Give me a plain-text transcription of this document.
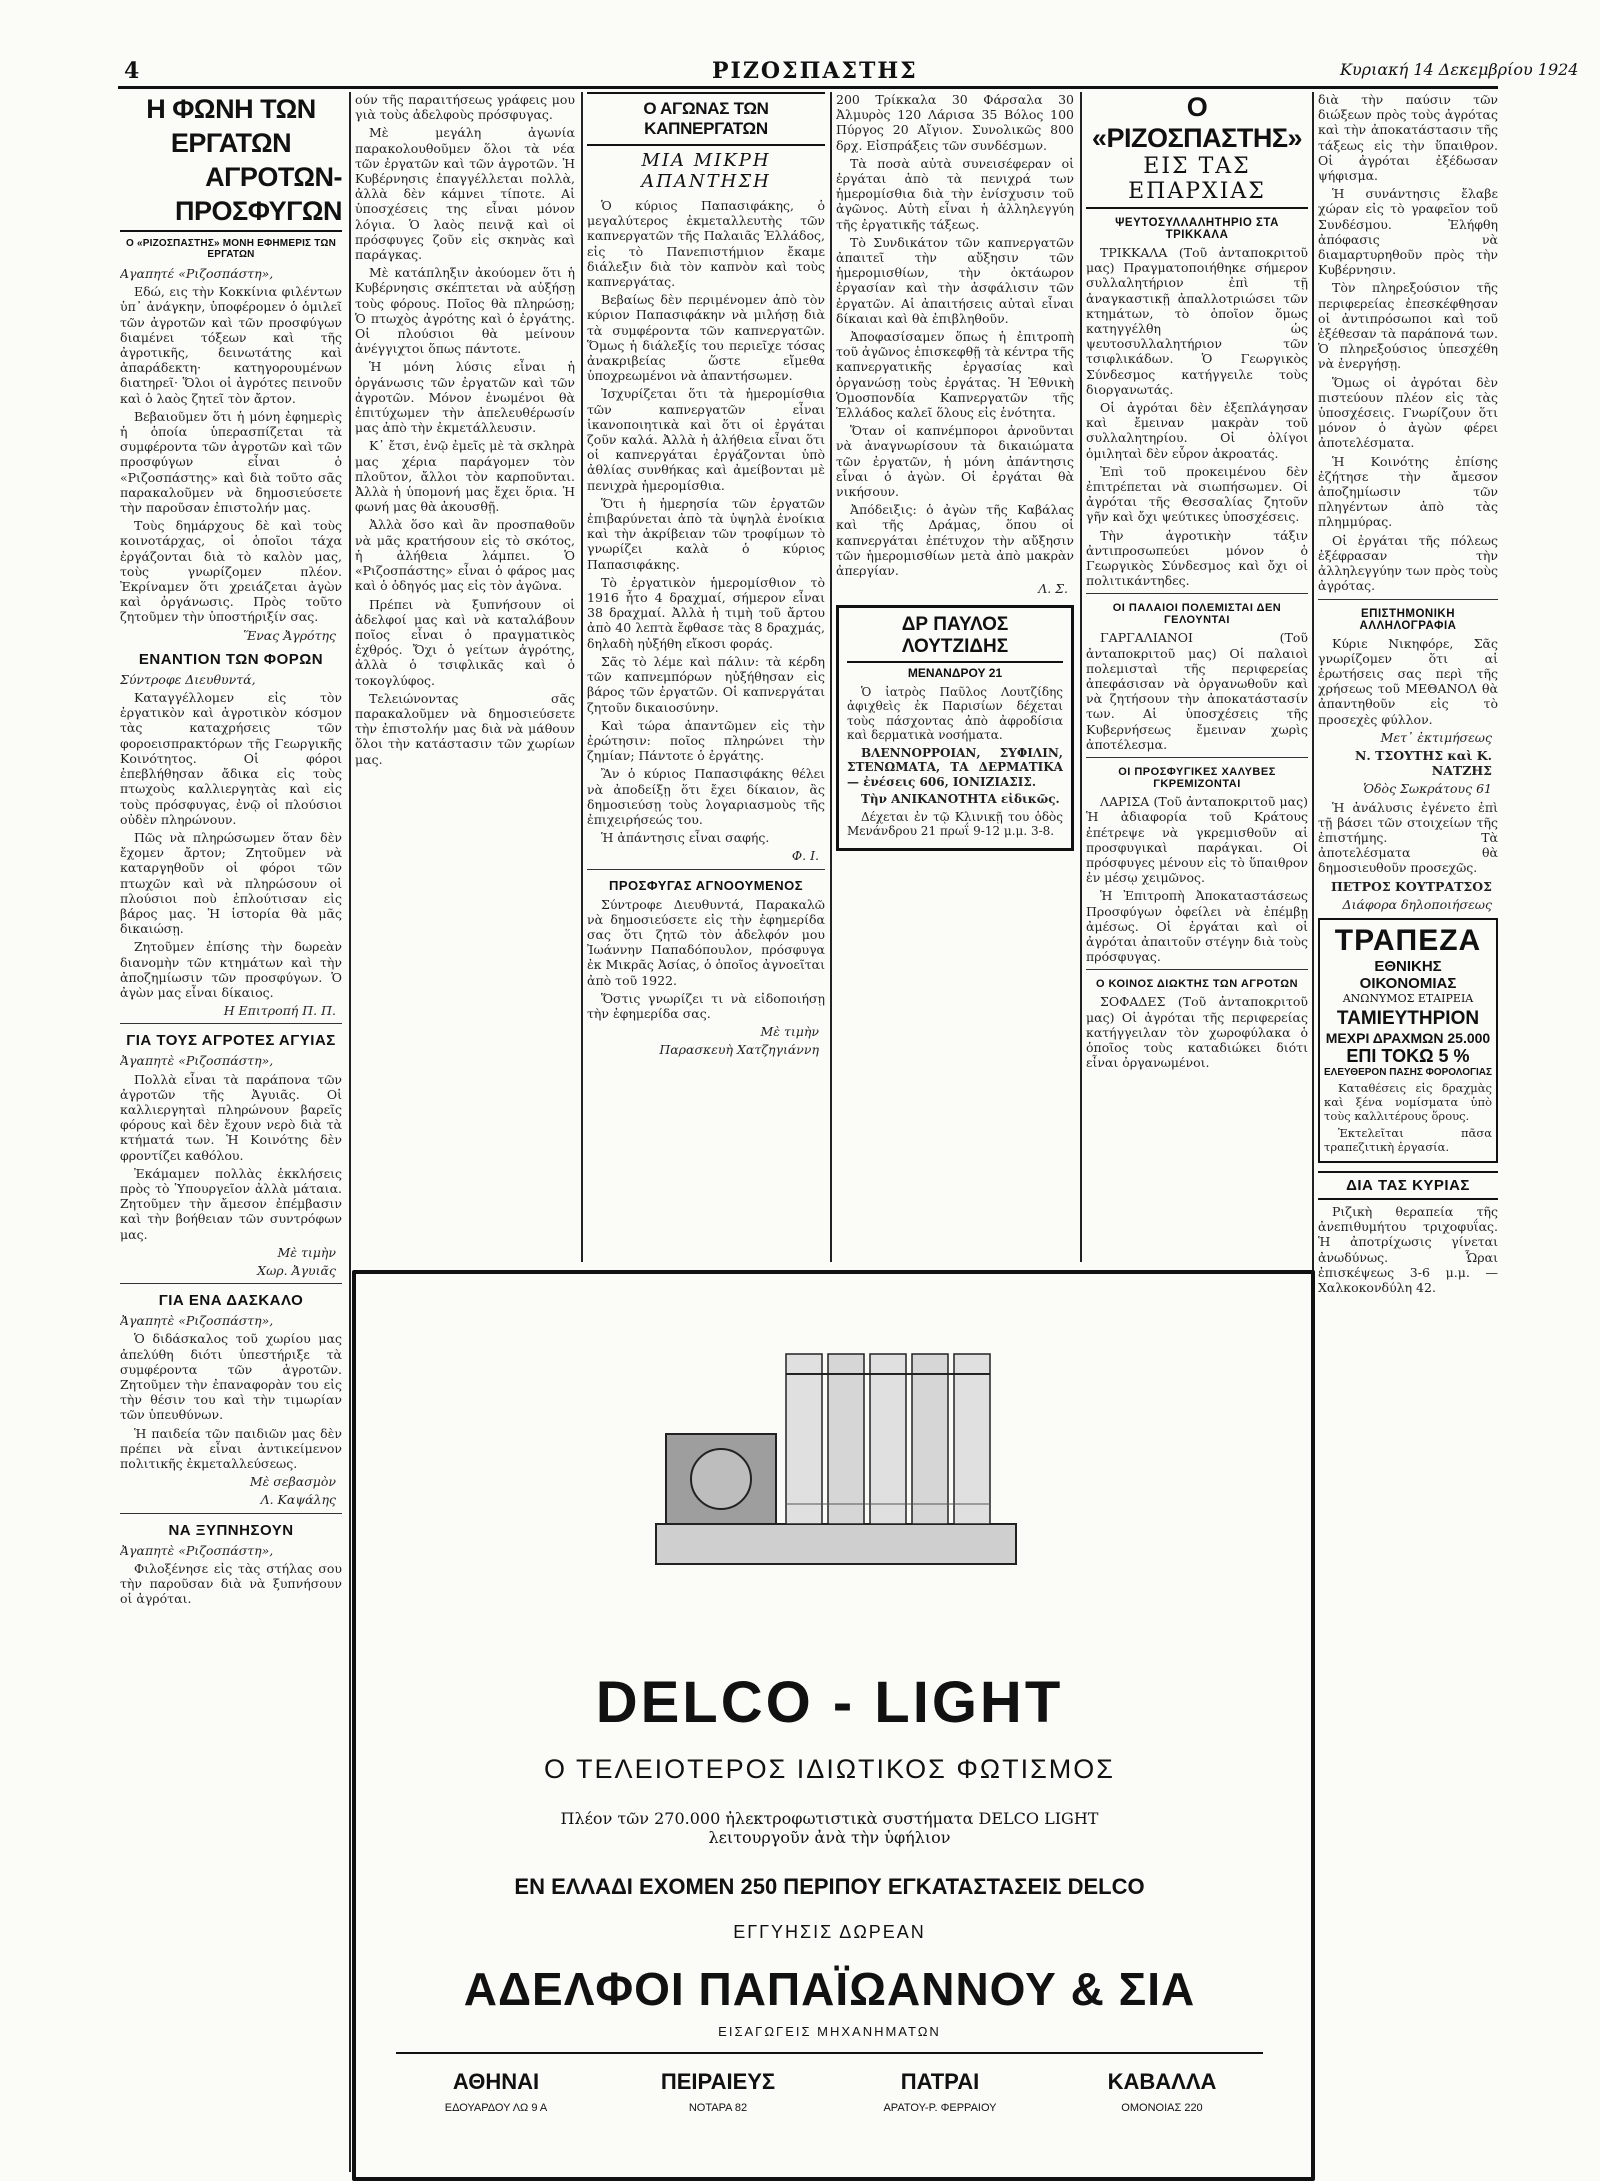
4	ΡΙΖΟΣΠΑΣΤΗΣ	Κυριακή 14 Δεκεμβρίου 1924
Η ΦΩΝΗ ΤΩΝ ΕΡΓΑΤΩΝ
ΑΓΡΟΤΩΝ-ΠΡΟΣΦΥΓΩΝ
Ο «ΡΙΖΟΣΠΑΣΤΗΣ» ΜΟΝΗ ΕΦΗΜΕΡΙΣ ΤΩΝ ΕΡΓΑΤΩΝ

Αγαπητέ «Ριζοσπάστη»,

Εδώ, εις τὴν Κοκκίνια φιλέντων ὑπ᾿ ἀνάγκην, ὑποφέρομεν ὁ ὁμιλεῖ τῶν ἀγροτῶν καὶ τῶν προσφύγων διαμένει τόξεων καὶ τῆς ἀγροτικῆς, δεινωτάτης καὶ ἀπαράδεκτη· κατηγορουμένων διατηρεῖ· Ὅλοι οἱ ἀγρότες πεινοῦν καὶ ὁ λαὸς ζητεῖ τὸν ἄρτον.

Βεβαιοῦμεν ὅτι ἡ μόνη ἐφημερὶς ἡ ὁποία ὑπερασπίζεται τὰ συμφέροντα τῶν ἀγροτῶν καὶ τῶν προσφύγων εἶναι ὁ «Ριζοσπάστης» καὶ διὰ τοῦτο σᾶς παρακαλοῦμεν νὰ δημοσιεύσετε τὴν παροῦσαν ἐπιστολήν μας.

Τοὺς δημάρχους δὲ καὶ τοὺς κοινοτάρχας, οἱ ὁποῖοι τάχα ἐργάζονται διὰ τὸ καλὸν μας, τοὺς γνωρίζομεν πλέον. Ἐκρίναμεν ὅτι χρειάζεται ἀγὼν καὶ ὀργάνωσις. Πρὸς τοῦτο ζητοῦμεν τὴν ὑποστήριξίν σας.

Ἕνας Ἀγρότης
ΕΝΑΝΤΙΟΝ ΤΩΝ ΦΟΡΩΝ

Σύντροφε Διευθυντά,

Καταγγέλλομεν εἰς τὸν ἐργατικὸν καὶ ἀγροτικὸν κόσμον τὰς καταχρήσεις τῶν φοροεισπρακτόρων τῆς Γεωργικῆς Κοινότητος. Οἱ φόροι ἐπεβλήθησαν ἄδικα εἰς τοὺς πτωχοὺς καλλιεργητὰς καὶ εἰς τοὺς πρόσφυγας, ἐνῷ οἱ πλούσιοι οὐδὲν πληρώνουν.

Πῶς νὰ πληρώσωμεν ὅταν δὲν ἔχομεν ἄρτον; Ζητοῦμεν νὰ καταργηθοῦν οἱ φόροι τῶν πτωχῶν καὶ νὰ πληρώσουν οἱ πλούσιοι ποὺ ἐπλούτισαν εἰς βάρος μας. Ἡ ἱστορία θὰ μᾶς δικαιώσῃ.

Ζητοῦμεν ἐπίσης τὴν δωρεὰν διανομὴν τῶν κτημάτων καὶ τὴν ἀποζημίωσιν τῶν προσφύγων. Ὁ ἀγὼν μας εἶναι δίκαιος.

Η Επιτροπή Π. Π.
ΓΙΑ ΤΟΥΣ ΑΓΡΟΤΕΣ ΑΓΥΙΑΣ

Ἀγαπητὲ «Ριζοσπάστη»,

Πολλὰ εἶναι τὰ παράπονα τῶν ἀγροτῶν τῆς Ἀγυιᾶς. Οἱ καλλιεργηταὶ πληρώνουν βαρεῖς φόρους καὶ δὲν ἔχουν νερὸ διὰ τὰ κτήματά των. Ἡ Κοινότης δὲν φροντίζει καθόλου.

Ἐκάμαμεν πολλὰς ἐκκλήσεις πρὸς τὸ Ὑπουργεῖον ἀλλὰ μάταια. Ζητοῦμεν τὴν ἄμεσον ἐπέμβασιν καὶ τὴν βοήθειαν τῶν συντρόφων μας.

Μὲ τιμὴν
Χωρ. Ἀγυιᾶς
ΓΙΑ ΕΝΑ ΔΑΣΚΑΛΟ

Ἀγαπητὲ «Ριζοσπάστη»,

Ὁ διδάσκαλος τοῦ χωρίου μας ἀπελύθη διότι ὑπεστήριξε τὰ συμφέροντα τῶν ἀγροτῶν. Ζητοῦμεν τὴν ἐπαναφορὰν του εἰς τὴν θέσιν του καὶ τὴν τιμωρίαν τῶν ὑπευθύνων.

Ἡ παιδεία τῶν παιδιῶν μας δὲν πρέπει νὰ εἶναι ἀντικείμενον πολιτικῆς ἐκμεταλλεύσεως.

Μὲ σεβασμὸν
Λ. Καψάλης
ΝΑ ΞΥΠΝΗΣΟΥΝ

Ἀγαπητὲ «Ριζοσπάστη»,

Φιλοξένησε εἰς τὰς στήλας σου τὴν παροῦσαν διὰ νὰ ξυπνήσουν οἱ ἀγρόται.

ούν τῆς παραιτήσεως γράφεις μου γιὰ τοὺς ἀδελφοὺς πρόσφυγας.

Μὲ μεγάλη ἀγωνία παρακολουθοῦμεν ὅλοι τὰ νέα τῶν ἐργατῶν καὶ τῶν ἀγροτῶν. Ἡ Κυβέρνησις ἐπαγγέλλεται πολλὰ, ἀλλὰ δὲν κάμνει τίποτε. Αἱ ὑποσχέσεις της εἶναι μόνον λόγια. Ὁ λαὸς πεινᾷ καὶ οἱ πρόσφυγες ζοῦν εἰς σκηνὰς καὶ παράγκας.

Μὲ κατάπληξιν ἀκούομεν ὅτι ἡ Κυβέρνησις σκέπτεται νὰ αὐξήσῃ τοὺς φόρους. Ποῖος θὰ πληρώσῃ; Ὁ πτωχὸς ἀγρότης καὶ ὁ ἐργάτης. Οἱ πλούσιοι θὰ μείνουν ἀνέγγιχτοι ὅπως πάντοτε.

Ἡ μόνη λύσις εἶναι ἡ ὀργάνωσις τῶν ἐργατῶν καὶ τῶν ἀγροτῶν. Μόνον ἑνωμένοι θὰ ἐπιτύχωμεν τὴν ἀπελευθέρωσίν μας ἀπὸ τὴν ἐκμετάλλευσιν.

Κ᾿ ἔτσι, ἐνῷ ἐμεῖς μὲ τὰ σκληρὰ μας χέρια παράγομεν τὸν πλοῦτον, ἄλλοι τὸν καρποῦνται. Ἀλλὰ ἡ ὑπομονή μας ἔχει ὅρια. Ἡ φωνή μας θὰ ἀκουσθῇ.

Ἀλλὰ ὅσο καὶ ἂν προσπαθοῦν νὰ μᾶς κρατήσουν εἰς τὸ σκότος, ἡ ἀλήθεια λάμπει. Ὁ «Ριζοσπάστης» εἶναι ὁ φάρος μας καὶ ὁ ὁδηγός μας εἰς τὸν ἀγῶνα.

Πρέπει νὰ ξυπνήσουν οἱ ἀδελφοί μας καὶ νὰ καταλάβουν ποῖος εἶναι ὁ πραγματικὸς ἐχθρός. Ὄχι ὁ γείτων ἀγρότης, ἀλλὰ ὁ τσιφλικᾶς καὶ ὁ τοκογλύφος.

Τελειώνοντας σᾶς παρακαλοῦμεν νὰ δημοσιεύσετε τὴν ἐπιστολήν μας διὰ νὰ μάθουν ὅλοι τὴν κατάστασιν τῶν χωρίων μας.

Ο ΑΓΩΝΑΣ ΤΩΝ ΚΑΠΝΕΡΓΑΤΩΝ
ΜΙΑ ΜΙΚΡΗ ΑΠΑΝΤΗΣΗ

Ὁ κύριος Παπασιφάκης, ὁ μεγαλύτερος ἐκμεταλλευτὴς τῶν καπνεργατῶν τῆς Παλαιᾶς Ἑλλάδος, εἰς τὸ Πανεπιστήμιον ἔκαμε διάλεξιν διὰ τὸν καπνὸν καὶ τοὺς καπνεργάτας.

Βεβαίως δὲν περιμένομεν ἀπὸ τὸν κύριον Παπασιφάκην νὰ μιλήσῃ διὰ τὰ συμφέροντα τῶν καπνεργατῶν. Ὅμως ἡ διάλεξίς του περιεῖχε τόσας ἀνακριβείας ὥστε εἴμεθα ὑποχρεωμένοι νὰ ἀπαντήσωμεν.

Ἰσχυρίζεται ὅτι τὰ ἡμερομίσθια τῶν καπνεργατῶν εἶναι ἱκανοποιητικὰ καὶ ὅτι οἱ ἐργάται ζοῦν καλά. Ἀλλὰ ἡ ἀλήθεια εἶναι ὅτι οἱ καπνεργάται ἐργάζονται ὑπὸ ἀθλίας συνθήκας καὶ ἀμείβονται μὲ πενιχρὰ ἡμερομίσθια.

Ὅτι ἡ ἡμερησία τῶν ἐργατῶν ἐπιβαρύνεται ἀπὸ τὰ ὑψηλὰ ἐνοίκια καὶ τὴν ἀκρίβειαν τῶν τροφίμων τὸ γνωρίζει καλὰ ὁ κύριος Παπασιφάκης.

Τὸ ἐργατικὸν ἡμερομίσθιον τὸ 1916 ἦτο 4 δραχμαί, σήμερον εἶναι 38 δραχμαί. Ἀλλὰ ἡ τιμὴ τοῦ ἄρτου ἀπὸ 40 λεπτὰ ἔφθασε τὰς 8 δραχμάς, δηλαδὴ ηὐξήθη εἴκοσι φοράς.

Σᾶς τὸ λέμε καὶ πάλιν: τὰ κέρδη τῶν καπνεμπόρων ηὐξήθησαν εἰς βάρος τῶν ἐργατῶν. Οἱ καπνεργάται ζητοῦν δικαιοσύνην.

Καὶ τώρα ἀπαντῶμεν εἰς τὴν ἐρώτησιν: ποῖος πληρώνει τὴν ζημίαν; Πάντοτε ὁ ἐργάτης.

Ἂν ὁ κύριος Παπασιφάκης θέλει νὰ ἀποδείξῃ ὅτι ἔχει δίκαιον, ἂς δημοσιεύσῃ τοὺς λογαριασμοὺς τῆς ἐπιχειρήσεώς του.

Ἡ ἀπάντησις εἶναι σαφής.

Φ. Ι.
ΠΡΟΣΦΥΓΑΣ ΑΓΝΟΟΥΜΕΝΟΣ

Σύντροφε Διευθυντά, Παρακαλῶ νὰ δημοσιεύσετε εἰς τὴν ἐφημερίδα σας ὅτι ζητῶ τὸν ἀδελφόν μου Ἰωάννην Παπαδόπουλον, πρόσφυγα ἐκ Μικρᾶς Ἀσίας, ὁ ὁποῖος ἀγνοεῖται ἀπὸ τοῦ 1922.

Ὅστις γνωρίζει τι νὰ εἰδοποιήσῃ τὴν ἐφημερίδα σας.

Μὲ τιμὴν
Παρασκευὴ Χατζηγιάννη

200 Τρίκκαλα 30 Φάρσαλα 30 Ἀλμυρὸς 120 Λάρισα 35 Βόλος 100 Πύργος 20 Αἴγιον. Συνολικῶς 800 δρχ. Εἰσπράξεις τῶν συνδέσμων.

Τὰ ποσὰ αὐτὰ συνεισέφεραν οἱ ἐργάται ἀπὸ τὰ πενιχρά των ἡμερομίσθια διὰ τὴν ἐνίσχυσιν τοῦ ἀγῶνος. Αὐτὴ εἶναι ἡ ἀλληλεγγύη τῆς ἐργατικῆς τάξεως.

Τὸ Συνδικάτον τῶν καπνεργατῶν ἀπαιτεῖ τὴν αὔξησιν τῶν ἡμερομισθίων, τὴν ὀκτάωρον ἐργασίαν καὶ τὴν ἀσφάλισιν τῶν ἐργατῶν. Αἱ ἀπαιτήσεις αὐταὶ εἶναι δίκαιαι καὶ θὰ ἐπιβληθοῦν.

Ἀποφασίσαμεν ὅπως ἡ ἐπιτροπὴ τοῦ ἀγῶνος ἐπισκεφθῇ τὰ κέντρα τῆς καπνεργατικῆς ἐργασίας καὶ ὀργανώσῃ τοὺς ἐργάτας. Ἡ Ἐθνικὴ Ὁμοσπονδία Καπνεργατῶν τῆς Ἑλλάδος καλεῖ ὅλους εἰς ἑνότητα.

Ὅταν οἱ καπνέμποροι ἀρνοῦνται νὰ ἀναγνωρίσουν τὰ δικαιώματα τῶν ἐργατῶν, ἡ μόνη ἀπάντησις εἶναι ὁ ἀγὼν. Οἱ ἐργάται θὰ νικήσουν.

Ἀπόδειξις: ὁ ἀγὼν τῆς Καβάλας καὶ τῆς Δράμας, ὅπου οἱ καπνεργάται ἐπέτυχον τὴν αὔξησιν τῶν ἡμερομισθίων μετὰ ἀπὸ μακρὰν ἀπεργίαν.

Λ. Σ.
ΔΡ ΠΑΥΛΟΣ ΛΟΥΤΖΙΔΗΣ
ΜΕΝΑΝΔΡΟΥ 21

Ὁ ἰατρὸς Παῦλος Λουτζίδης ἀφιχθεὶς ἐκ Παρισίων δέχεται τοὺς πάσχοντας ἀπὸ ἀφροδίσια καὶ δερματικὰ νοσήματα.

ΒΛΕΝΝΟΡΡΟΙΑΝ, ΣΥΦΙΛΙΝ, ΣΤΕΝΩΜΑΤΑ, ΤΑ ΔΕΡΜΑΤΙΚΑ — ἐνέσεις 606, ΙΟΝΙΖΙΑΣΙΣ.

Τὴν ΑΝΙΚΑΝΟΤΗΤΑ εἰδικῶς.

Δέχεται ἐν τῷ Κλινικῇ του ὁδὸς Μενάνδρου 21 πρωΐ 9-12 μ.μ. 3-8.

Ο «ΡΙΖΟΣΠΑΣΤΗΣ»
ΕΙΣ ΤΑΣ ΕΠΑΡΧΙΑΣ
ΨΕΥΤΟΣΥΛΛΑΛΗΤΗΡΙΟ ΣΤΑ ΤΡΙΚΚΑΛΑ

ΤΡΙΚΚΑΛΑ (Τοῦ ἀνταποκριτοῦ μας) Πραγματοποιήθηκε σήμερον συλλαλητήριον ἐπὶ τῇ ἀναγκαστικῇ ἀπαλλοτριώσει τῶν κτημάτων, τὸ ὁποῖον ὅμως κατηγγέλθη ὡς ψευτοσυλλαλητήριον τῶν τσιφλικάδων. Ὁ Γεωργικὸς Σύνδεσμος κατήγγειλε τοὺς διοργανωτάς.

Οἱ ἀγρόται δὲν ἐξεπλάγησαν καὶ ἔμειναν μακρὰν τοῦ συλλαλητηρίου. Οἱ ὀλίγοι ὁμιληταὶ δὲν εὗρον ἀκροατάς.

Ἐπὶ τοῦ προκειμένου δὲν ἐπιτρέπεται νὰ σιωπήσωμεν. Οἱ ἀγρόται τῆς Θεσσαλίας ζητοῦν γῆν καὶ ὄχι ψεύτικες ὑποσχέσεις.

Τὴν ἀγροτικὴν τάξιν ἀντιπροσωπεύει μόνον ὁ Γεωργικὸς Σύνδεσμος καὶ ὄχι οἱ πολιτικάντηδες.

ΟΙ ΠΑΛΑΙΟΙ ΠΟΛΕΜΙΣΤΑΙ ΔΕΝ ΓΕΛΟΥΝΤΑΙ

ΓΑΡΓΑΛΙΑΝΟΙ (Τοῦ ἀνταποκριτοῦ μας) Οἱ παλαιοὶ πολεμισταὶ τῆς περιφερείας ἀπεφάσισαν νὰ ὀργανωθοῦν καὶ νὰ ζητήσουν τὴν ἀποκατάστασίν των. Αἱ ὑποσχέσεις τῆς Κυβερνήσεως ἔμειναν χωρὶς ἀποτέλεσμα.

ΟΙ ΠΡΟΣΦΥΓΙΚΕΣ ΧΑΛΥΒΕΣ ΓΚΡΕΜΙΖΟΝΤΑΙ

ΛΑΡΙΣΑ (Τοῦ ἀνταποκριτοῦ μας) Ἡ ἀδιαφορία τοῦ Κράτους ἐπέτρεψε νὰ γκρεμισθοῦν αἱ προσφυγικαὶ παράγκαι. Οἱ πρόσφυγες μένουν εἰς τὸ ὕπαιθρον ἐν μέσῳ χειμῶνος.

Ἡ Ἐπιτροπὴ Ἀποκαταστάσεως Προσφύγων ὀφείλει νὰ ἐπέμβῃ ἀμέσως. Οἱ ἐργάται καὶ οἱ ἀγρόται ἀπαιτοῦν στέγην διὰ τοὺς πρόσφυγας.

Ο ΚΟΙΝΟΣ ΔΙΩΚΤΗΣ ΤΩΝ ΑΓΡΟΤΩΝ

ΣΟΦΑΔΕΣ (Τοῦ ἀνταποκριτοῦ μας) Οἱ ἀγρόται τῆς περιφερείας κατήγγειλαν τὸν χωροφύλακα ὁ ὁποῖος τοὺς καταδιώκει διότι εἶναι ὀργανωμένοι.

διὰ τὴν παύσιν τῶν διώξεων πρὸς τοὺς ἀγρότας καὶ τὴν ἀποκατάστασιν τῆς τάξεως εἰς τὴν ὕπαιθρον. Οἱ ἀγρόται ἐξέδωσαν ψήφισμα.

Ἡ συνάντησις ἔλαβε χώραν εἰς τὸ γραφεῖον τοῦ Συνδέσμου. Ἐλήφθη ἀπόφασις νὰ διαμαρτυρηθοῦν πρὸς τὴν Κυβέρνησιν.

Τὸν πληρεξούσιον τῆς περιφερείας ἐπεσκέφθησαν οἱ ἀντιπρόσωποι καὶ τοῦ ἐξέθεσαν τὰ παράπονά των. Ὁ πληρεξούσιος ὑπεσχέθη νὰ ἐνεργήσῃ.

Ὅμως οἱ ἀγρόται δὲν πιστεύουν πλέον εἰς τὰς ὑποσχέσεις. Γνωρίζουν ὅτι μόνον ὁ ἀγὼν φέρει ἀποτελέσματα.

Ἡ Κοινότης ἐπίσης ἐζήτησε τὴν ἄμεσον ἀποζημίωσιν τῶν πληγέντων ἀπὸ τὰς πλημμύρας.

Οἱ ἐργάται τῆς πόλεως ἐξέφρασαν τὴν ἀλληλεγγύην των πρὸς τοὺς ἀγρότας.

ΕΠΙΣΤΗΜΟΝΙΚΗ ΑΛΛΗΛΟΓΡΑΦΙΑ

Κύριε Νικηφόρε, Σᾶς γνωρίζομεν ὅτι αἱ ἐρωτήσεις σας περὶ τῆς χρήσεως τοῦ ΜΕΘΑΝΟΛ θὰ ἀπαντηθοῦν εἰς τὸ προσεχὲς φύλλον.

Μετ᾿ ἐκτιμήσεως
Ν. ΤΣΟΥΤΗΣ καὶ Κ. ΝΑΤΖΗΣ
Ὁδὸς Σωκράτους 61

Ἡ ἀνάλυσις ἐγένετο ἐπὶ τῇ βάσει τῶν στοιχείων τῆς ἐπιστήμης. Τὰ ἀποτελέσματα θὰ δημοσιευθοῦν προσεχῶς.

ΠΕΤΡΟΣ ΚΟΥΤΡΑΤΣΟΣ
Διάφορα δηλοποιήσεως
ΤΡΑΠΕΖΑ
ΕΘΝΙΚΗΣ ΟΙΚΟΝΟΜΙΑΣ
ΑΝΩΝΥΜΟΣ ΕΤΑΙΡΕΙΑ
ΤΑΜΙΕΥΤΗΡΙΟΝ
ΜΕΧΡΙ ΔΡΑΧΜΩΝ 25.000
ΕΠΙ ΤΟΚΩ 5 %
ΕΛΕΥΘΕΡΟΝ ΠΑΣΗΣ ΦΟΡΟΛΟΓΙΑΣ

Καταθέσεις εἰς δραχμὰς καὶ ξένα νομίσματα ὑπὸ τοὺς καλλιτέρους ὅρους.

Ἐκτελεῖται πᾶσα τραπεζιτικὴ ἐργασία.

ΔΙΑ ΤΑΣ ΚΥΡΙΑΣ

Ριζικὴ θεραπεία τῆς ἀνεπιθυμήτου τριχοφυΐας. Ἡ ἀποτρίχωσις γίνεται ἀνωδύνως. Ὧραι ἐπισκέψεως 3-6 μ.μ. — Χαλκοκονδύλη 42.

DELCO - LIGHT
Ο ΤΕΛΕΙΟΤΕΡΟΣ ΙΔΙΩΤΙΚΟΣ ΦΩΤΙΣΜΟΣ
Πλέον τῶν 270.000 ἠλεκτροφωτιστικὰ συστήματα DELCO LIGHT λειτουργοῦν ἀνὰ τὴν ὑφήλιον
ΕΝ ΕΛΛΑΔΙ ΕΧΟΜΕΝ 250 ΠΕΡΙΠΟΥ ΕΓΚΑΤΑΣΤΑΣΕΙΣ DELCO
ΕΓΓΥΗΣΙΣ ΔΩΡΕΑΝ
ΑΔΕΛΦΟΙ ΠΑΠΑΪΩΑΝΝΟΥ & ΣΙΑ
ΕΙΣΑΓΩΓΕΙΣ ΜΗΧΑΝΗΜΑΤΩΝ
ΑΘΗΝΑΙ
ΕΔΟΥΑΡΔΟΥ ΛΩ 9 Α
ΠΕΙΡΑΙΕΥΣ
ΝΟΤΑΡΑ 82
ΠΑΤΡΑΙ
ΑΡΑΤΟΥ-Ρ. ΦΕΡΡΑΙΟΥ
ΚΑΒΑΛΛΑ
ΟΜΟΝΟΙΑΣ 220
